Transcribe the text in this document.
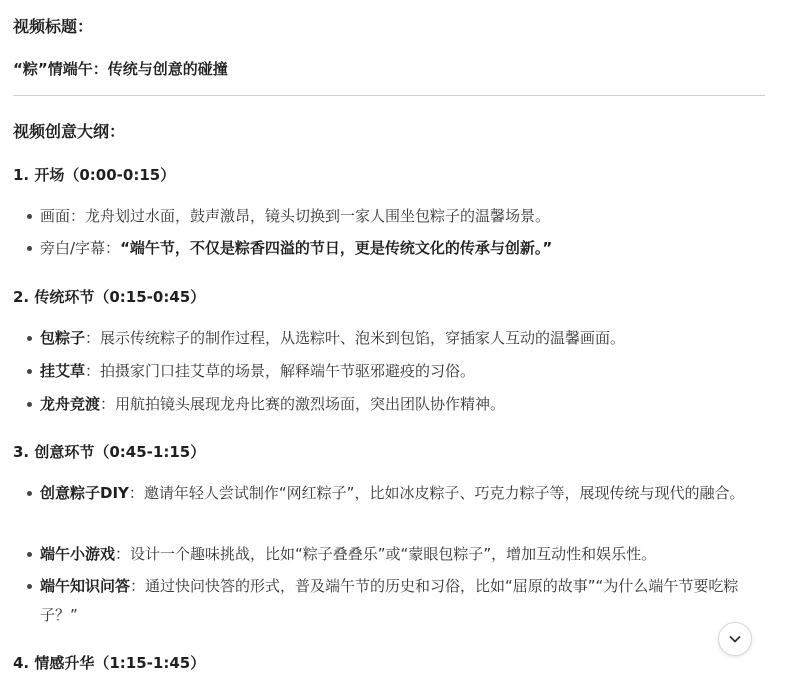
视频标题：
“粽”情端午：传统与创意的碰撞
视频创意大纲：
1. 开场（0:00-0:15）
画面：龙舟划过水面，鼓声激昂，镜头切换到一家人围坐包粽子的温馨场景。
旁白/字幕：“端午节，不仅是粽香四溢的节日，更是传统文化的传承与创新。”
2. 传统环节（0:15-0:45）
包粽子：展示传统粽子的制作过程，从选粽叶、泡米到包馅，穿插家人互动的温馨画面。
挂艾草：拍摄家门口挂艾草的场景，解释端午节驱邪避疫的习俗。
龙舟竞渡：用航拍镜头展现龙舟比赛的激烈场面，突出团队协作精神。
3. 创意环节（0:45-1:15）
创意粽子DIY：邀请年轻人尝试制作“网红粽子”，比如冰皮粽子、巧克力粽子等，展现传统与现代的融合。
端午小游戏：设计一个趣味挑战，比如“粽子叠叠乐”或“蒙眼包粽子”，增加互动性和娱乐性。
端午知识问答：通过快问快答的形式，普及端午节的历史和习俗，比如“屈原的故事”“为什么端午节要吃粽子？”
4. 情感升华（1:15-1:45）
